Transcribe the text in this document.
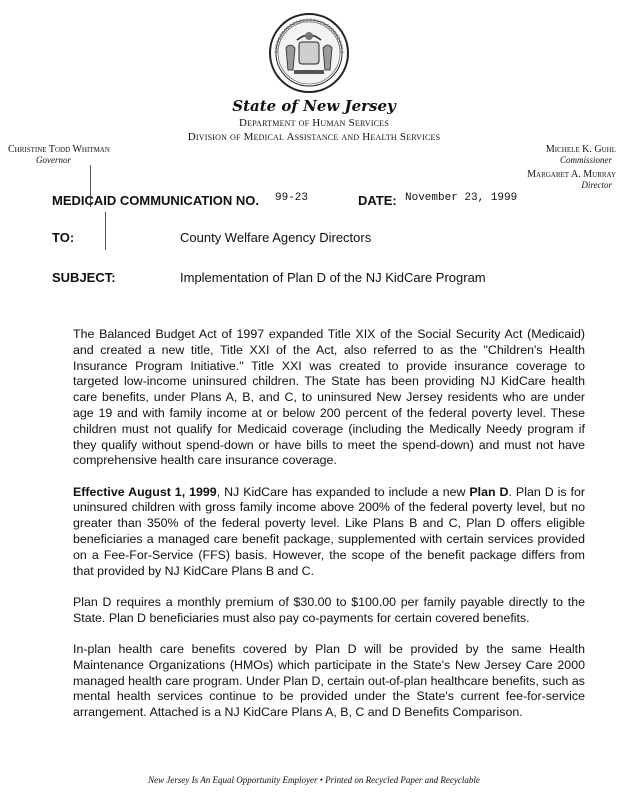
State of New Jersey
Department of Human Services
Division of Medical Assistance and Health Services
Christine Todd Whitman
Governor
Michele K. Guhl
Commissioner
Margaret A. Murray
Director
MEDICAID COMMUNICATION NO. 99-23	DATE: November 23, 1999
TO:	County Welfare Agency Directors
SUBJECT:	Implementation of Plan D of the NJ KidCare Program

The Balanced Budget Act of 1997 expanded Title XIX of the Social Security Act (Medicaid) and created a new title, Title XXI of the Act, also referred to as the "Children's Health Insurance Program Initiative." Title XXI was created to provide insurance coverage to targeted low-income uninsured children. The State has been providing NJ KidCare health care benefits, under Plans A, B, and C, to uninsured New Jersey residents who are under age 19 and with family income at or below 200 percent of the federal poverty level. These children must not qualify for Medicaid coverage (including the Medically Needy program if they qualify without spend-down or have bills to meet the spend-down) and must not have comprehensive health care insurance coverage.

Effective August 1, 1999, NJ KidCare has expanded to include a new Plan D. Plan D is for uninsured children with gross family income above 200% of the federal poverty level, but no greater than 350% of the federal poverty level. Like Plans B and C, Plan D offers eligible beneficiaries a managed care benefit package, supplemented with certain services provided on a Fee-For-Service (FFS) basis. However, the scope of the benefit package differs from that provided by NJ KidCare Plans B and C.

Plan D requires a monthly premium of $30.00 to $100.00 per family payable directly to the State. Plan D beneficiaries must also pay co-payments for certain covered benefits.

In-plan health care benefits covered by Plan D will be provided by the same Health Maintenance Organizations (HMOs) which participate in the State's New Jersey Care 2000 managed health care program. Under Plan D, certain out-of-plan healthcare benefits, such as mental health services continue to be provided under the State's current fee-for-service arrangement. Attached is a NJ KidCare Plans A, B, C and D Benefits Comparison.

New Jersey Is An Equal Opportunity Employer • Printed on Recycled Paper and Recyclable
